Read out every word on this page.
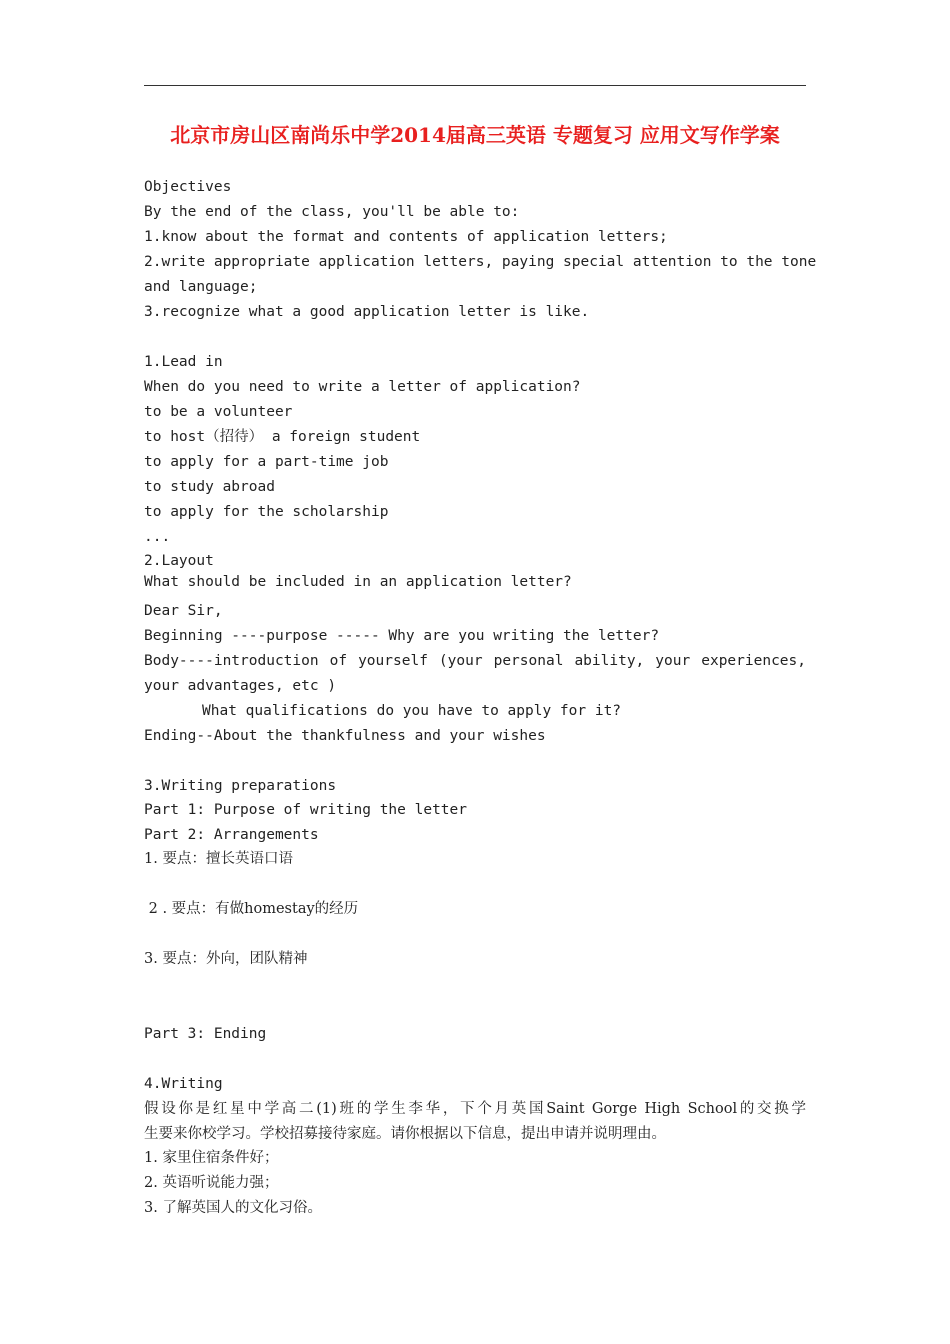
北京市房山区南尚乐中学2014届高三英语 专题复习 应用文写作学案
Objectives
By the end of the class, you'll be able to:
1.know about the format and contents of application letters;
2.write appropriate application letters, paying special attention to the tone
and language;
3.recognize what a good application letter is like.
1.Lead in
When do you need to write a letter of application?
to be a volunteer
to host（招待） a foreign student
to apply for a part-time job
to study abroad
to apply for the scholarship
...
2.Layout
What should be included in an application letter?
Dear Sir,
Beginning ----purpose ----- Why are you writing the letter?
Body----introduction of yourself (your personal ability, your experiences,
your advantages, etc )
What qualifications do you have to apply for it?
Ending--About the thankfulness and your wishes
3.Writing preparations
Part 1: Purpose of writing the letter
Part 2: Arrangements
1. 要点：擅长英语口语
2 . 要点：有做homestay的经历
3. 要点：外向，团队精神
Part 3: Ending
4.Writing
假设你是红星中学高二(1)班的学生李华，下个月英国Saint Gorge High School的交换学
生要来你校学习。学校招募接待家庭。请你根据以下信息，提出申请并说明理由。
1. 家里住宿条件好；
2. 英语听说能力强；
3. 了解英国人的文化习俗。
